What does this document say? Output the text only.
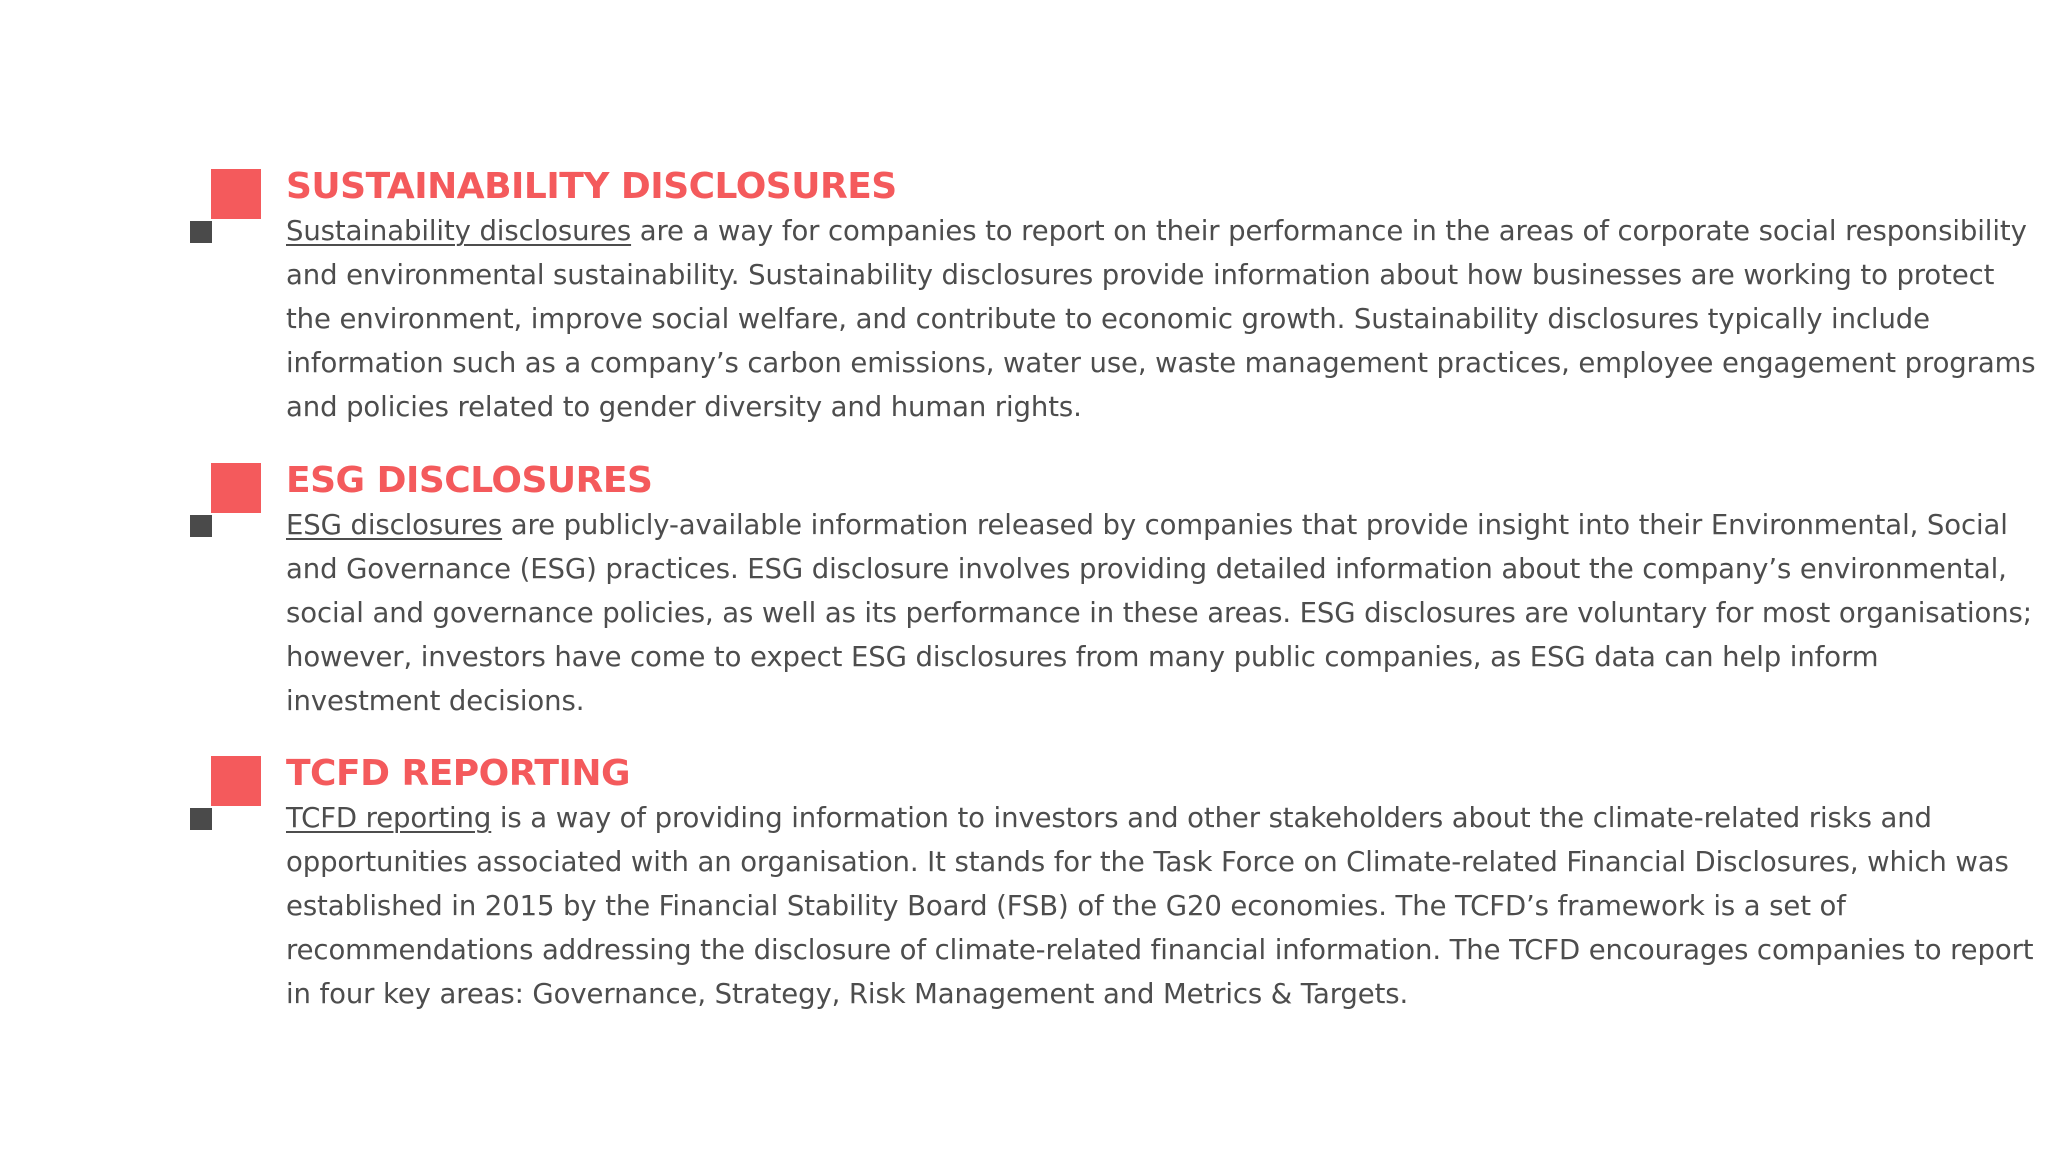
SUSTAINABILITY DISCLOSURES

Sustainability disclosures are a way for companies to report on their performance in the areas of corporate social responsibility and environmental sustainability. Sustainability disclosures provide information about how businesses are working to protect the environment, improve social welfare, and contribute to economic growth. Sustainability disclosures typically include information such as a company’s carbon emissions, water use, waste management practices, employee engagement programs and policies related to gender diversity and human rights.

ESG DISCLOSURES

ESG disclosures are publicly-available information released by companies that provide insight into their Environmental, Social and Governance (ESG) practices. ESG disclosure involves providing detailed information about the company’s environmental, social and governance policies, as well as its performance in these areas. ESG disclosures are voluntary for most organisations; however, investors have come to expect ESG disclosures from many public companies, as ESG data can help inform investment decisions.

TCFD REPORTING

TCFD reporting is a way of providing information to investors and other stakeholders about the climate-related risks and opportunities associated with an organisation. It stands for the Task Force on Climate-related Financial Disclosures, which was established in 2015 by the Financial Stability Board (FSB) of the G20 economies. The TCFD’s framework is a set of recommendations addressing the disclosure of climate-related financial information. The TCFD encourages companies to report in four key areas: Governance, Strategy, Risk Management and Metrics & Targets.
